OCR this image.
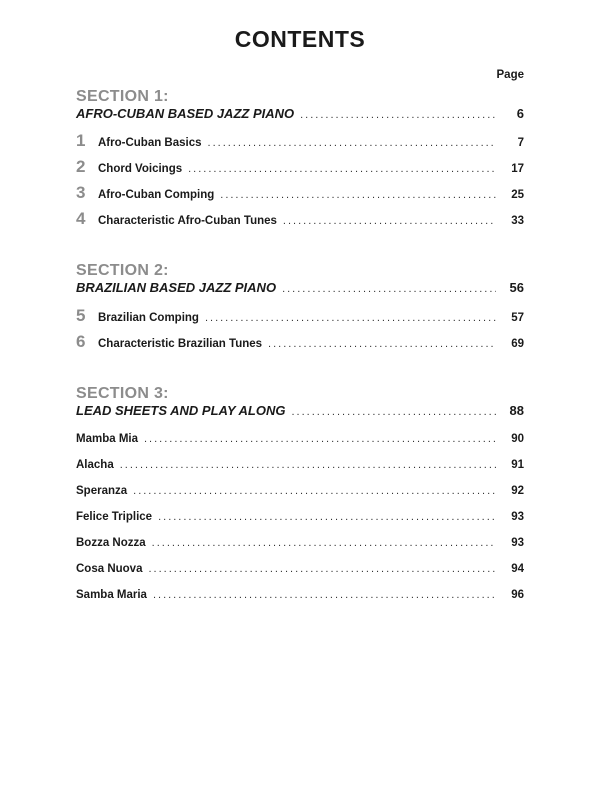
CONTENTS
Page
SECTION 1:
AFRO-CUBAN BASED JAZZ PIANO .....	6
1	Afro-Cuban Basics .....	7
2	Chord Voicings .....	17
3	Afro-Cuban Comping .....	25
4	Characteristic Afro-Cuban Tunes .....	33
SECTION 2:
BRAZILIAN BASED JAZZ PIANO .....	56
5	Brazilian Comping .....	57
6	Characteristic Brazilian Tunes .....	69
SECTION 3:
LEAD SHEETS AND PLAY ALONG .....	88
Mamba Mia .....	90
Alacha .....	91
Speranza .....	92
Felice Triplice .....	93
Bozza Nozza .....	93
Cosa Nuova .....	94
Samba Maria .....	96
